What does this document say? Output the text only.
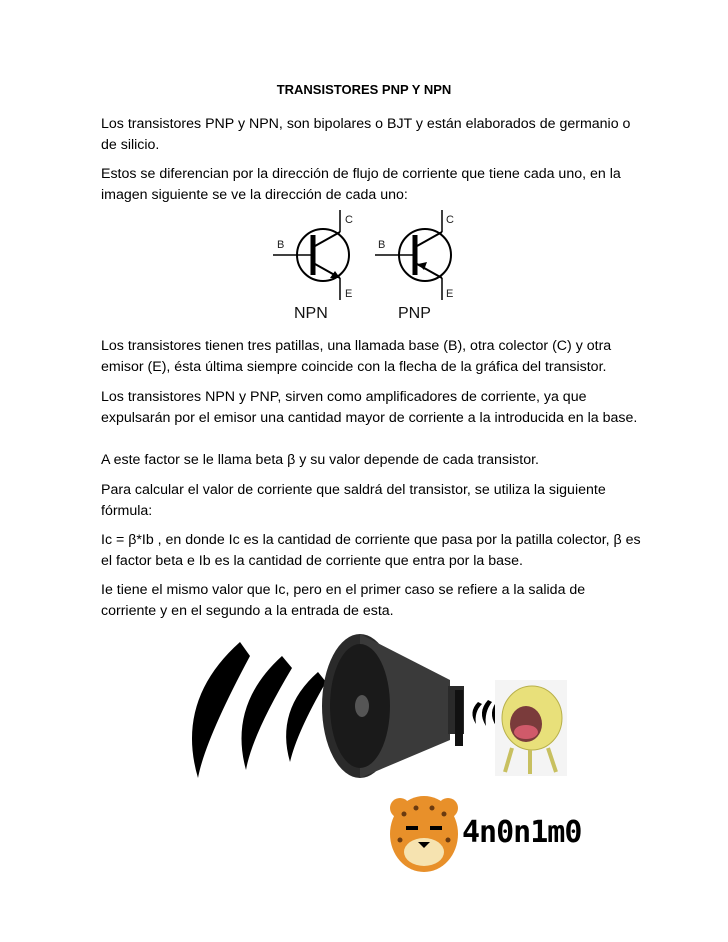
TRANSISTORES PNP Y NPN

Los transistores PNP y NPN, son bipolares o BJT y están elaborados de germanio o de silicio.

Estos se diferencian por la dirección de flujo de corriente que tiene cada uno, en la imagen siguiente se ve la dirección de cada uno:

B
C
E
NPN
B
C
E
PNP

Los transistores tienen tres patillas, una llamada base (B), otra colector (C) y otra emisor (E), ésta última siempre coincide con la flecha de la gráfica del transistor.

Los transistores NPN y PNP, sirven como amplificadores de corriente, ya que expulsarán por el emisor una cantidad mayor de corriente a la introducida en la base.

A este factor se le llama beta β y su valor depende de cada transistor.

Para calcular el valor de corriente que saldrá del transistor, se utiliza la siguiente fórmula:

Ic = β*Ib , en donde Ic es la cantidad de corriente que pasa por la patilla colector, β es el factor beta e Ib es la cantidad de corriente que entra por la base.

Ie tiene el mismo valor que Ic, pero en el primer caso se refiere a la salida de corriente y en el segundo a la entrada de esta.

4n0n1m0
